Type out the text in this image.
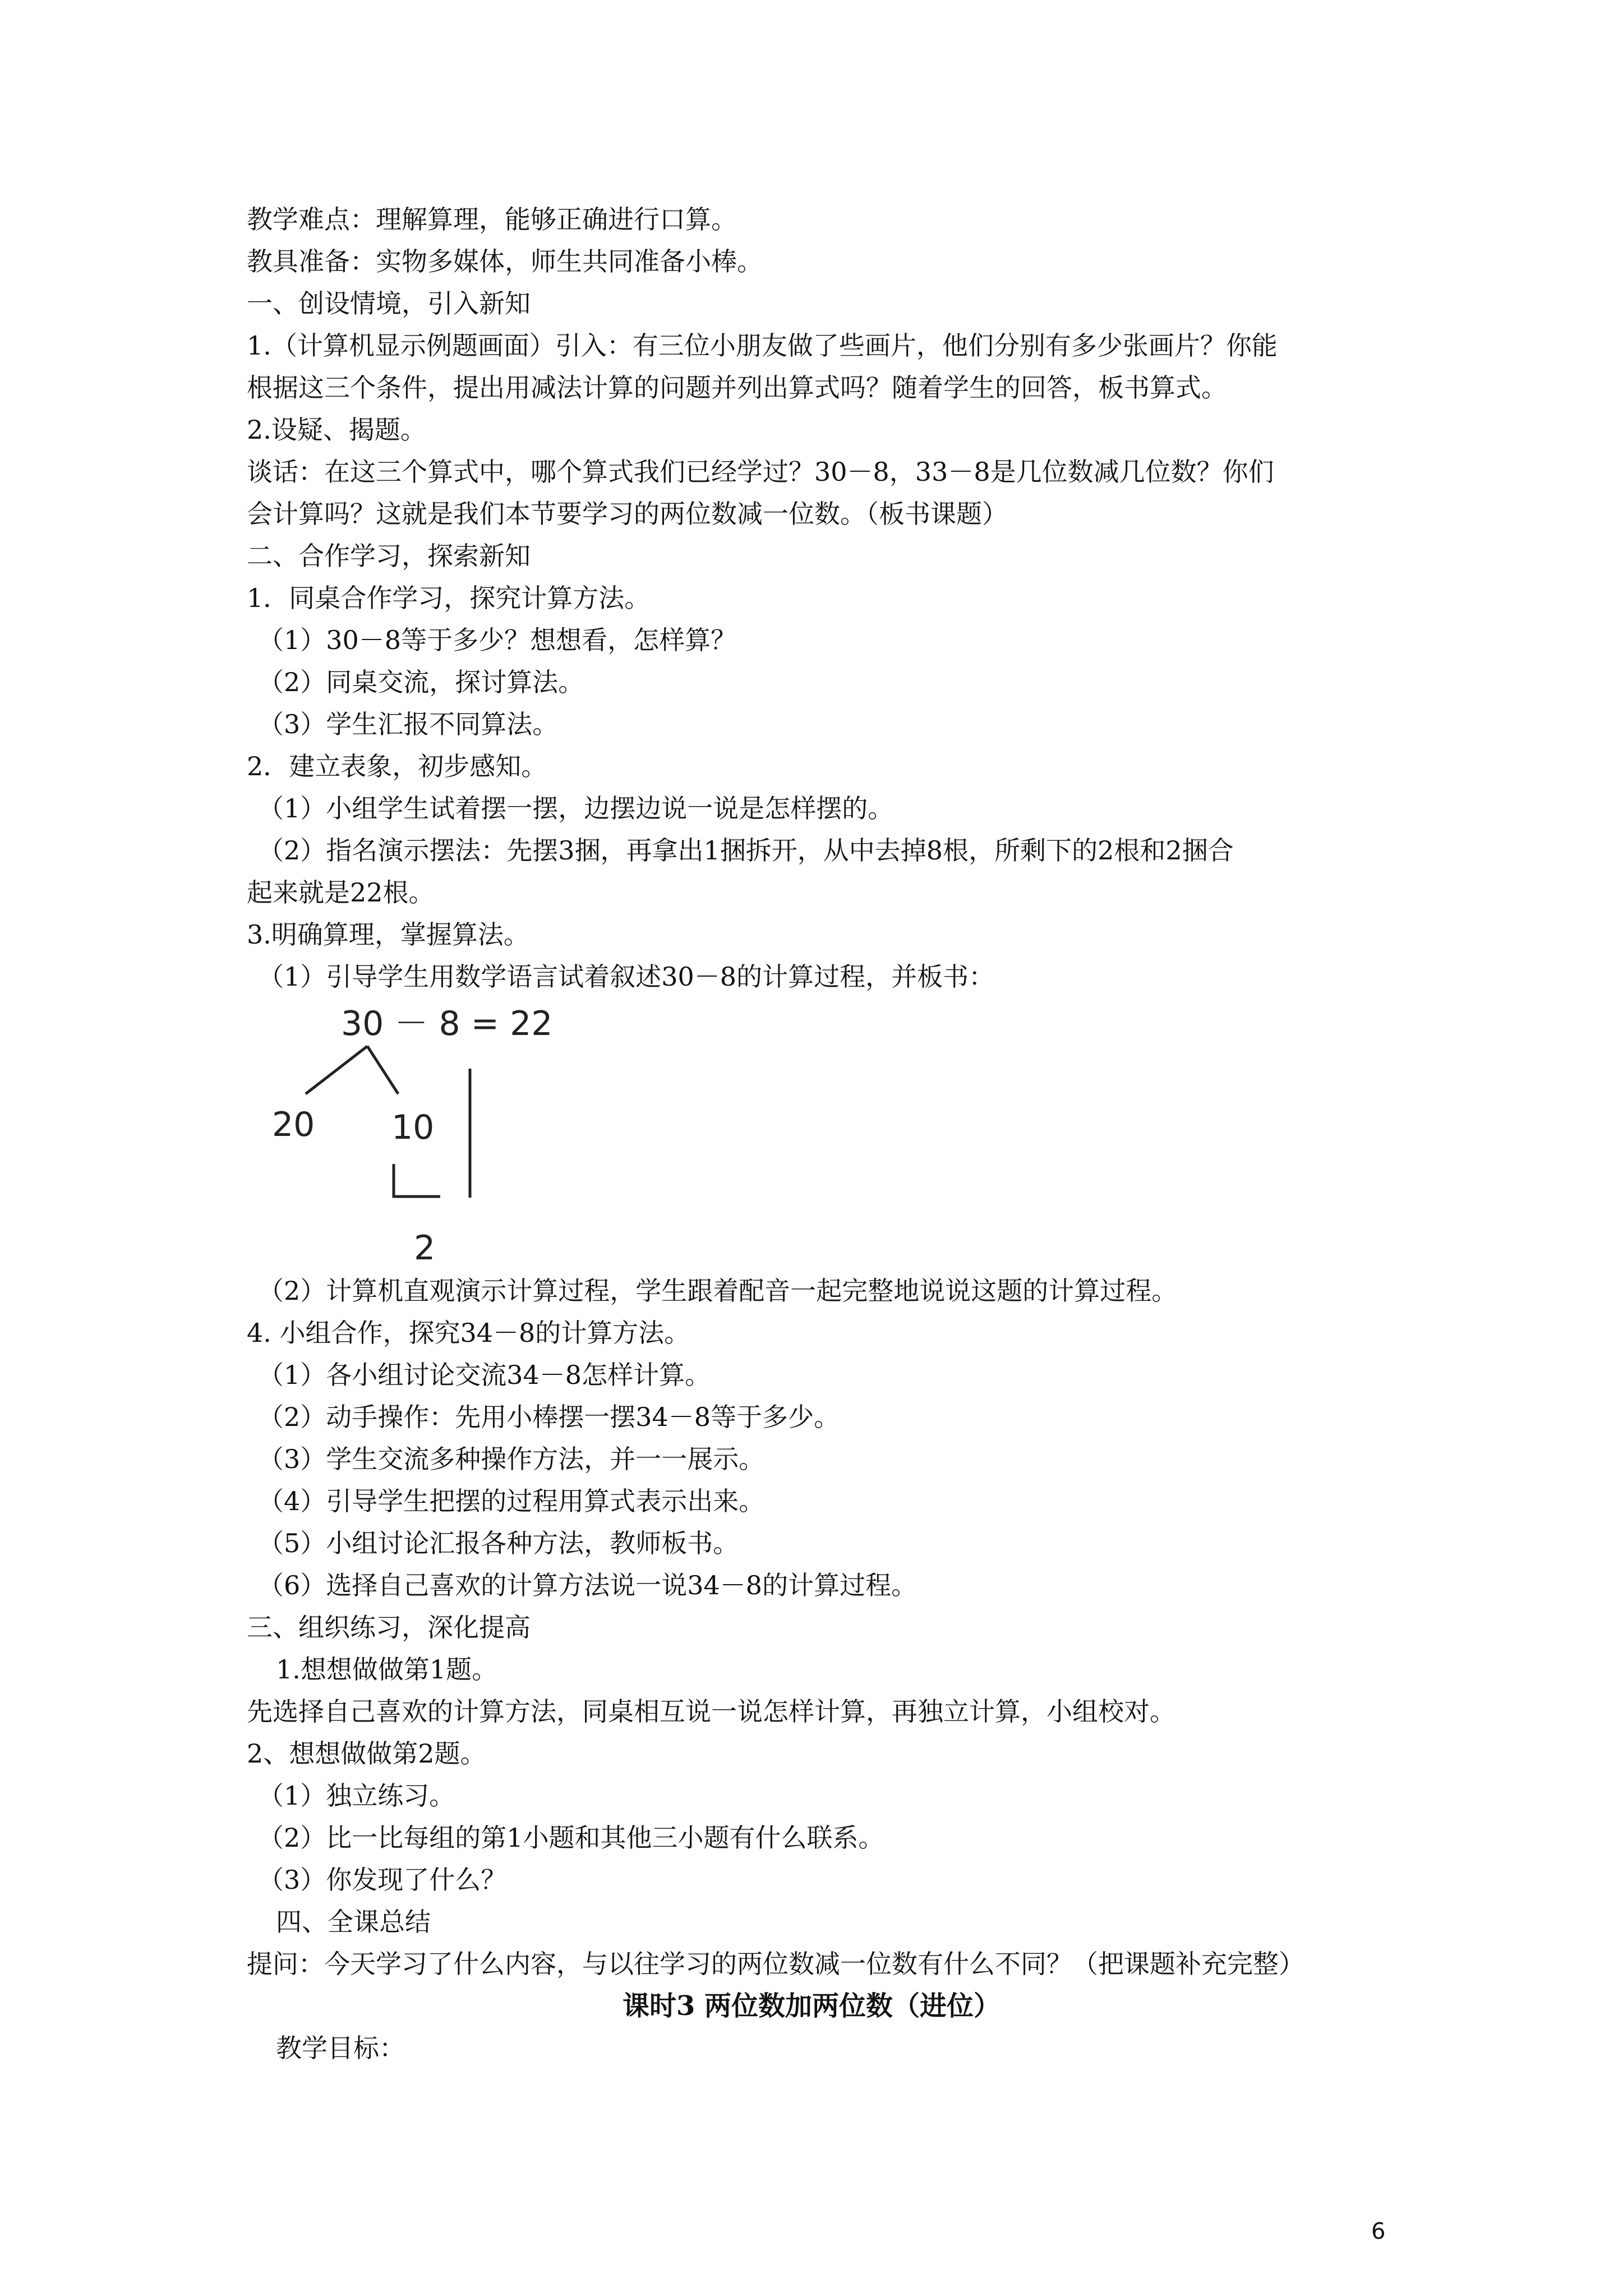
教学难点：理解算理，能够正确进行口算。
教具准备：实物多媒体，师生共同准备小棒。
一、创设情境，引入新知
1.（计算机显示例题画面）引入：有三位小朋友做了些画片，他们分别有多少张画片？你能
根据这三个条件，提出用减法计算的问题并列出算式吗？随着学生的回答，板书算式。
2.设疑、揭题。
谈话：在这三个算式中，哪个算式我们已经学过？30－8，33－8是几位数减几位数？你们
会计算吗？这就是我们本节要学习的两位数减一位数。（板书课题）
二、合作学习，探索新知
1．同桌合作学习，探究计算方法。
（1）30－8等于多少？想想看，怎样算？
（2）同桌交流，探讨算法。
（3）学生汇报不同算法。
2．建立表象，初步感知。
（1）小组学生试着摆一摆，边摆边说一说是怎样摆的。
（2）指名演示摆法：先摆3捆，再拿出1捆拆开，从中去掉8根，所剩下的2根和2捆合
起来就是22根。
3.明确算理，掌握算法。
（1）引导学生用数学语言试着叙述30－8的计算过程，并板书：
30 － 8 = 22
20 10
2
（2）计算机直观演示计算过程，学生跟着配音一起完整地说说这题的计算过程。
4. 小组合作，探究34－8的计算方法。
（1）各小组讨论交流34－8怎样计算。
（2）动手操作：先用小棒摆一摆34－8等于多少。
（3）学生交流多种操作方法，并一一展示。
（4）引导学生把摆的过程用算式表示出来。
（5）小组讨论汇报各种方法，教师板书。
（6）选择自己喜欢的计算方法说一说34－8的计算过程。
三、组织练习，深化提高
1.想想做做第1题。
先选择自己喜欢的计算方法，同桌相互说一说怎样计算，再独立计算，小组校对。
2、想想做做第2题。
（1）独立练习。
（2）比一比每组的第1小题和其他三小题有什么联系。
（3）你发现了什么？
四、全课总结
提问：今天学习了什么内容，与以往学习的两位数减一位数有什么不同？（把课题补充完整）
课时3 两位数加两位数（进位）
教学目标：
6
